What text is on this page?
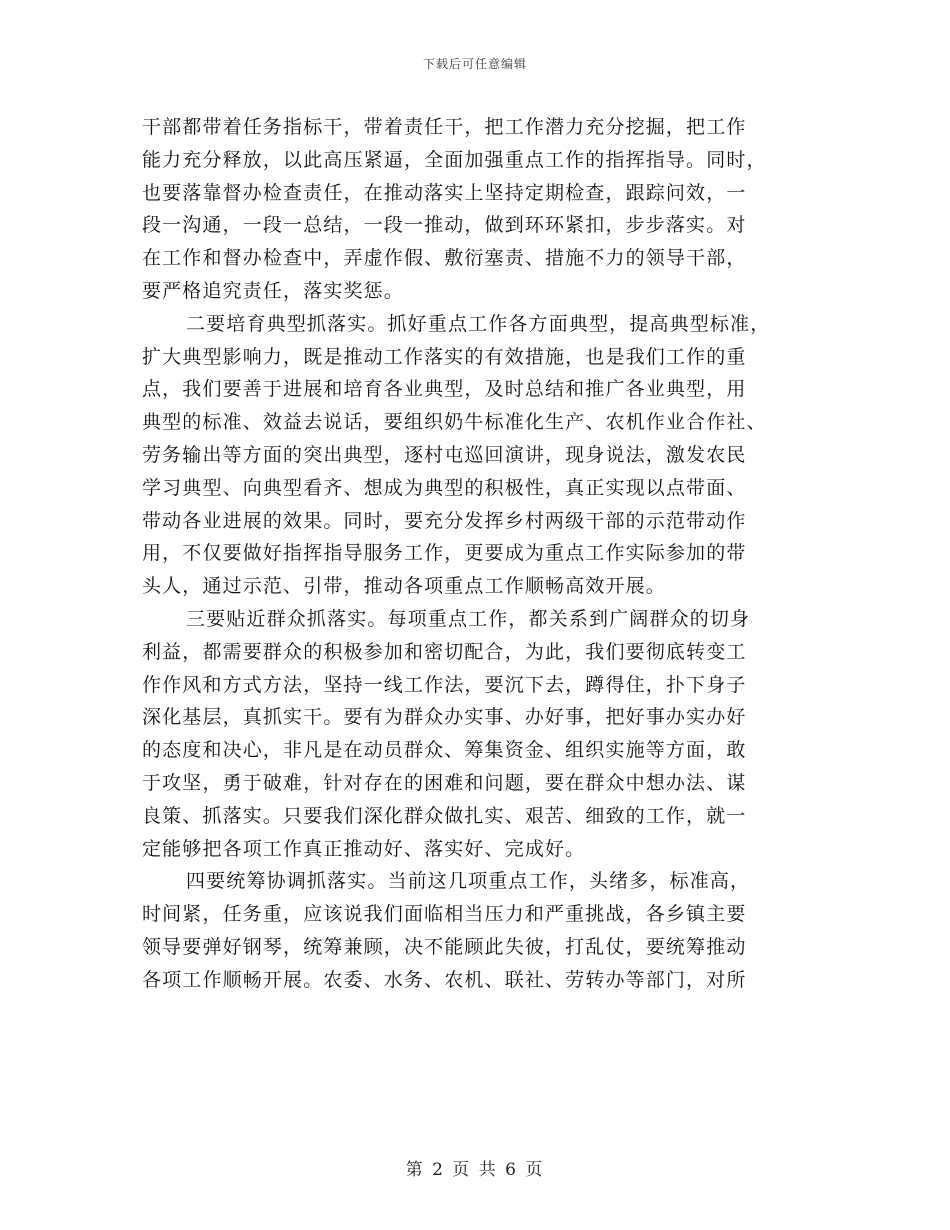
下载后可任意编辑
干部都带着任务指标干，带着责任干，把工作潜力充分挖掘，把工作
能力充分释放，以此高压紧逼，全面加强重点工作的指挥指导。同时，
也要落靠督办检查责任，在推动落实上坚持定期检查，跟踪问效，一
段一沟通，一段一总结，一段一推动，做到环环紧扣，步步落实。对
在工作和督办检查中，弄虚作假、敷衍塞责、措施不力的领导干部，
要严格追究责任，落实奖惩。
二要培育典型抓落实。抓好重点工作各方面典型，提高典型标准，
扩大典型影响力，既是推动工作落实的有效措施，也是我们工作的重
点，我们要善于进展和培育各业典型，及时总结和推广各业典型，用
典型的标准、效益去说话，要组织奶牛标准化生产、农机作业合作社、
劳务输出等方面的突出典型，逐村屯巡回演讲，现身说法，激发农民
学习典型、向典型看齐、想成为典型的积极性，真正实现以点带面、
带动各业进展的效果。同时，要充分发挥乡村两级干部的示范带动作
用，不仅要做好指挥指导服务工作，更要成为重点工作实际参加的带
头人，通过示范、引带，推动各项重点工作顺畅高效开展。
三要贴近群众抓落实。每项重点工作，都关系到广阔群众的切身
利益，都需要群众的积极参加和密切配合，为此，我们要彻底转变工
作作风和方式方法，坚持一线工作法，要沉下去，蹲得住，扑下身子
深化基层，真抓实干。要有为群众办实事、办好事，把好事办实办好
的态度和决心，非凡是在动员群众、筹集资金、组织实施等方面，敢
于攻坚，勇于破难，针对存在的困难和问题，要在群众中想办法、谋
良策、抓落实。只要我们深化群众做扎实、艰苦、细致的工作，就一
定能够把各项工作真正推动好、落实好、完成好。
四要统筹协调抓落实。当前这几项重点工作，头绪多，标准高，
时间紧，任务重，应该说我们面临相当压力和严重挑战，各乡镇主要
领导要弹好钢琴，统筹兼顾，决不能顾此失彼，打乱仗，要统筹推动
各项工作顺畅开展。农委、水务、农机、联社、劳转办等部门，对所
第 2 页 共 6 页
